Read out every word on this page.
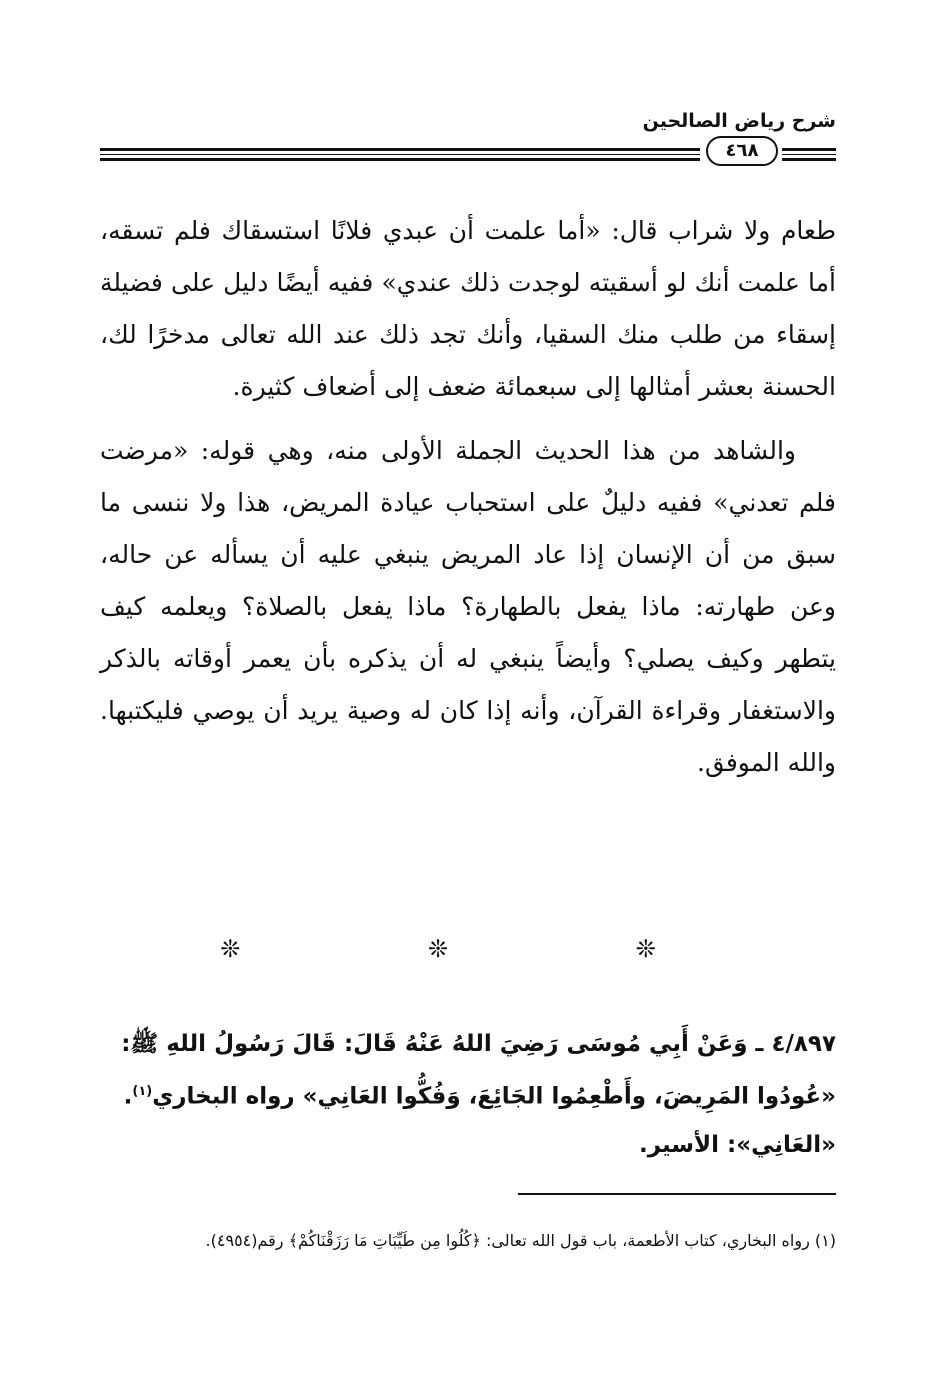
شرح رياض الصالحين
٤٦٨

طعام ولا شراب قال: «أما علمت أن عبدي فلانًا استسقاك فلم تسقه، أما علمت أنك لو أسقيته لوجدت ذلك عندي» ففيه أيضًا دليل على فضيلة إسقاء من طلب منك السقيا، وأنك تجد ذلك عند الله تعالى مدخرًا لك، الحسنة بعشر أمثالها إلى سبعمائة ضعف إلى أضعاف كثيرة.

والشاهد من هذا الحديث الجملة الأولى منه، وهي قوله: «مرضت فلم تعدني» ففيه دليلٌ على استحباب عيادة المريض، هذا ولا ننسى ما سبق من أن الإنسان إذا عاد المريض ينبغي عليه أن يسأله عن حاله، وعن طهارته: ماذا يفعل بالطهارة؟ ماذا يفعل بالصلاة؟ ويعلمه كيف يتطهر وكيف يصلي؟ وأيضاً ينبغي له أن يذكره بأن يعمر أوقاته بالذكر والاستغفار وقراءة القرآن، وأنه إذا كان له وصية يريد أن يوصي فليكتبها. والله الموفق.

❊	❊	❊

٤/٨٩٧ ـ وَعَنْ أَبِي مُوسَى رَضِيَ اللهُ عَنْهُ قَالَ: قَالَ رَسُولُ اللهِ ﷺ:

«عُودُوا المَرِيضَ، وأَطْعِمُوا الجَائِعَ، وَفُكُّوا العَانِي» رواه البخاري$^{(١)}$.

«العَانِي»: الأسير.

(١) رواه البخاري، كتاب الأطعمة، باب قول الله تعالى: ﴿كُلُوا مِن طَيِّبَاتِ مَا رَزَقْنَاكُمْ﴾ رقم(٤٩٥٤).
